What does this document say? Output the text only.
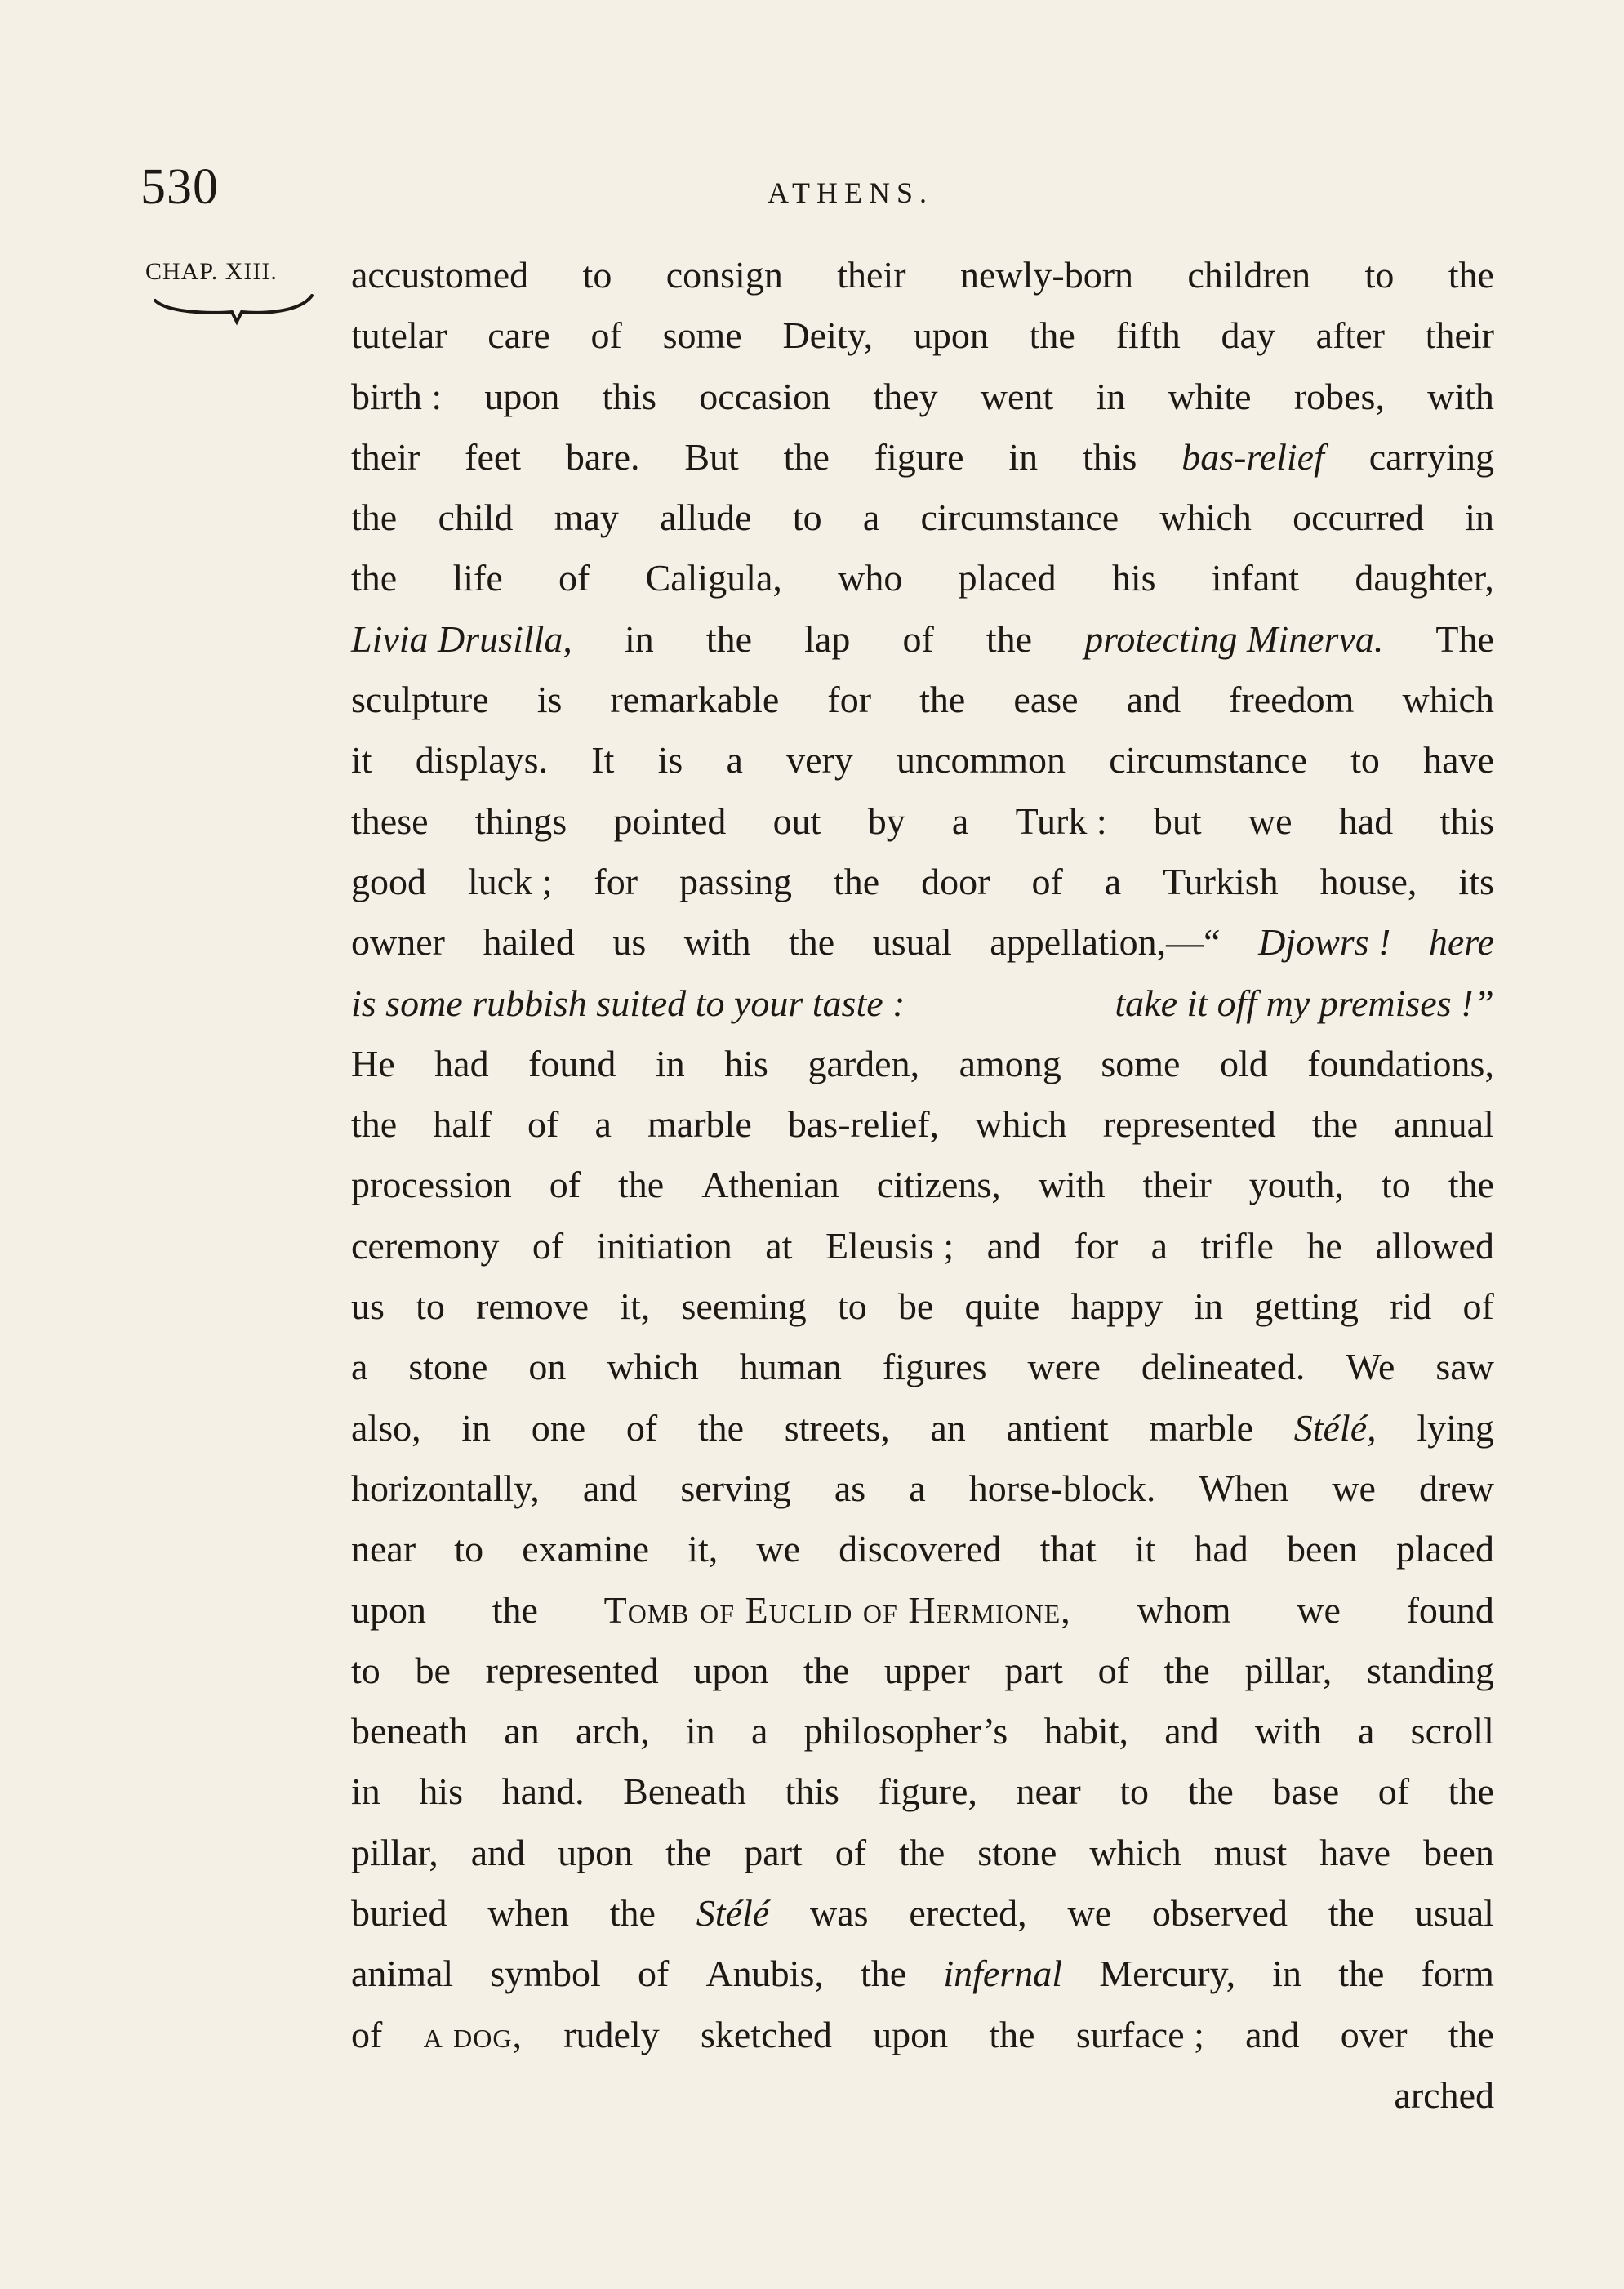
530	ATHENS.
CHAP. XIII. accustomed to consign their newly-born children to the
tutelar care of some Deity, upon the fifth day after their
birth : upon this occasion they went in white robes, with
their feet bare. But the figure in this bas-relief carrying
the child may allude to a circumstance which occurred in
the life of Caligula, who placed his infant daughter,
Livia Drusilla, in the lap of the protecting Minerva. The
sculpture is remarkable for the ease and freedom which
it displays. It is a very uncommon circumstance to have
these things pointed out by a Turk : but we had this
good luck ; for passing the door of a Turkish house, its
owner hailed us with the usual appellation,—“ Djowrs ! here
is some rubbish suited to your taste :	take it off my premises !”
He had found in his garden, among some old foundations,
the half of a marble bas-relief, which represented the annual
procession of the Athenian citizens, with their youth, to the
ceremony of initiation at Eleusis ; and for a trifle he allowed
us to remove it, seeming to be quite happy in getting rid of
a stone on which human figures were delineated. We saw
also, in one of the streets, an antient marble Stélé, lying
horizontally, and serving as a horse-block. When we drew
near to examine it, we discovered that it had been placed
upon the Tomb of Euclid of Hermione, whom we found
to be represented upon the upper part of the pillar, standing
beneath an arch, in a philosopher’s habit, and with a scroll
in his hand. Beneath this figure, near to the base of the
pillar, and upon the part of the stone which must have been
buried when the Stélé was erected, we observed the usual
animal symbol of Anubis, the infernal Mercury, in the form
of a dog, rudely sketched upon the surface ; and over the
arched
